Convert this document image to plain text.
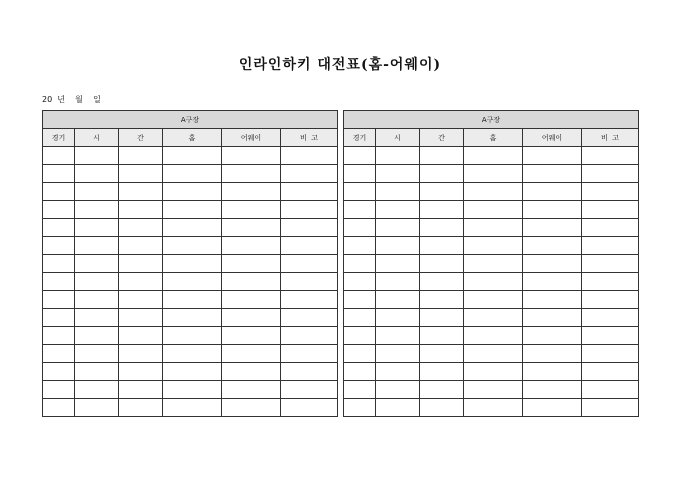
인라인하키 대전표(홈-어웨이)
20  년    월    일
A구장					
경기	시	간	홈	어웨이	비  고

A구장					
경기	시	간	홈	어웨이	비  고
